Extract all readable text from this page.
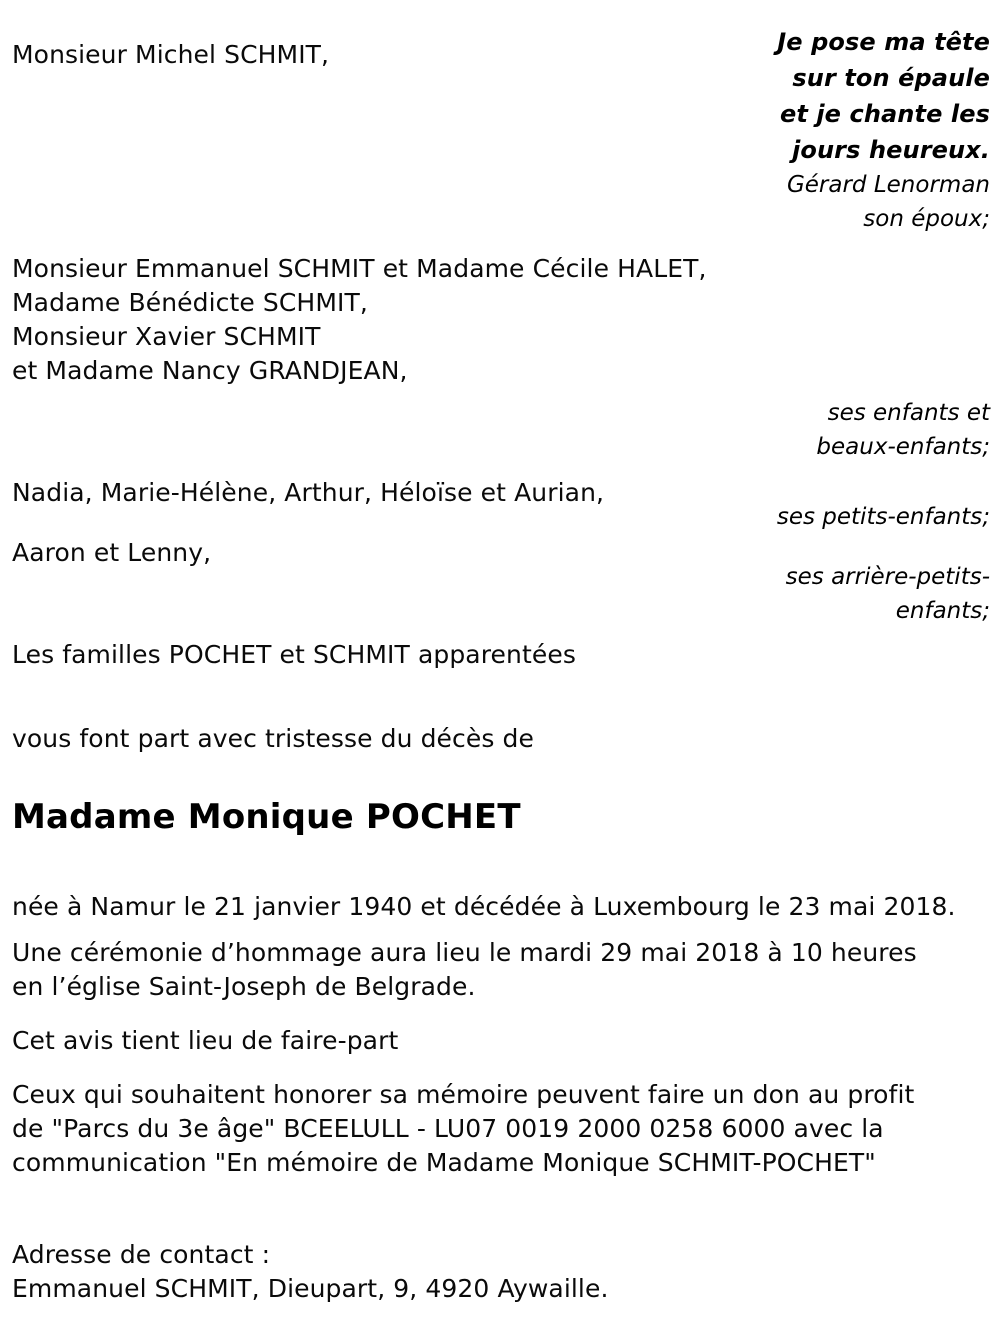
Je pose ma tête
sur ton épaule
et je chante les
jours heureux.
Gérard Lenorman
son époux;
ses enfants et
beaux-enfants;
ses petits-enfants;
ses arrière-petits-
enfants;
Monsieur Michel SCHMIT,
Monsieur Emmanuel SCHMIT et Madame Cécile HALET,
Madame Bénédicte SCHMIT,
Monsieur Xavier SCHMIT
et Madame Nancy GRANDJEAN,
Nadia, Marie-Hélène, Arthur, Héloïse et Aurian,
Aaron et Lenny,
Les familles POCHET et SCHMIT apparentées
vous font part avec tristesse du décès de
Madame Monique POCHET
née à Namur le 21 janvier 1940 et décédée à Luxembourg le 23 mai 2018.
Une cérémonie d’hommage aura lieu le mardi 29 mai 2018 à 10 heures
en l’église Saint-Joseph de Belgrade.
Cet avis tient lieu de faire-part
Ceux qui souhaitent honorer sa mémoire peuvent faire un don au profit
de "Parcs du 3e âge" BCEELULL - LU07 0019 2000 0258 6000 avec la
communication "En mémoire de Madame Monique SCHMIT-POCHET"
Adresse de contact :
Emmanuel SCHMIT, Dieupart, 9, 4920 Aywaille.
